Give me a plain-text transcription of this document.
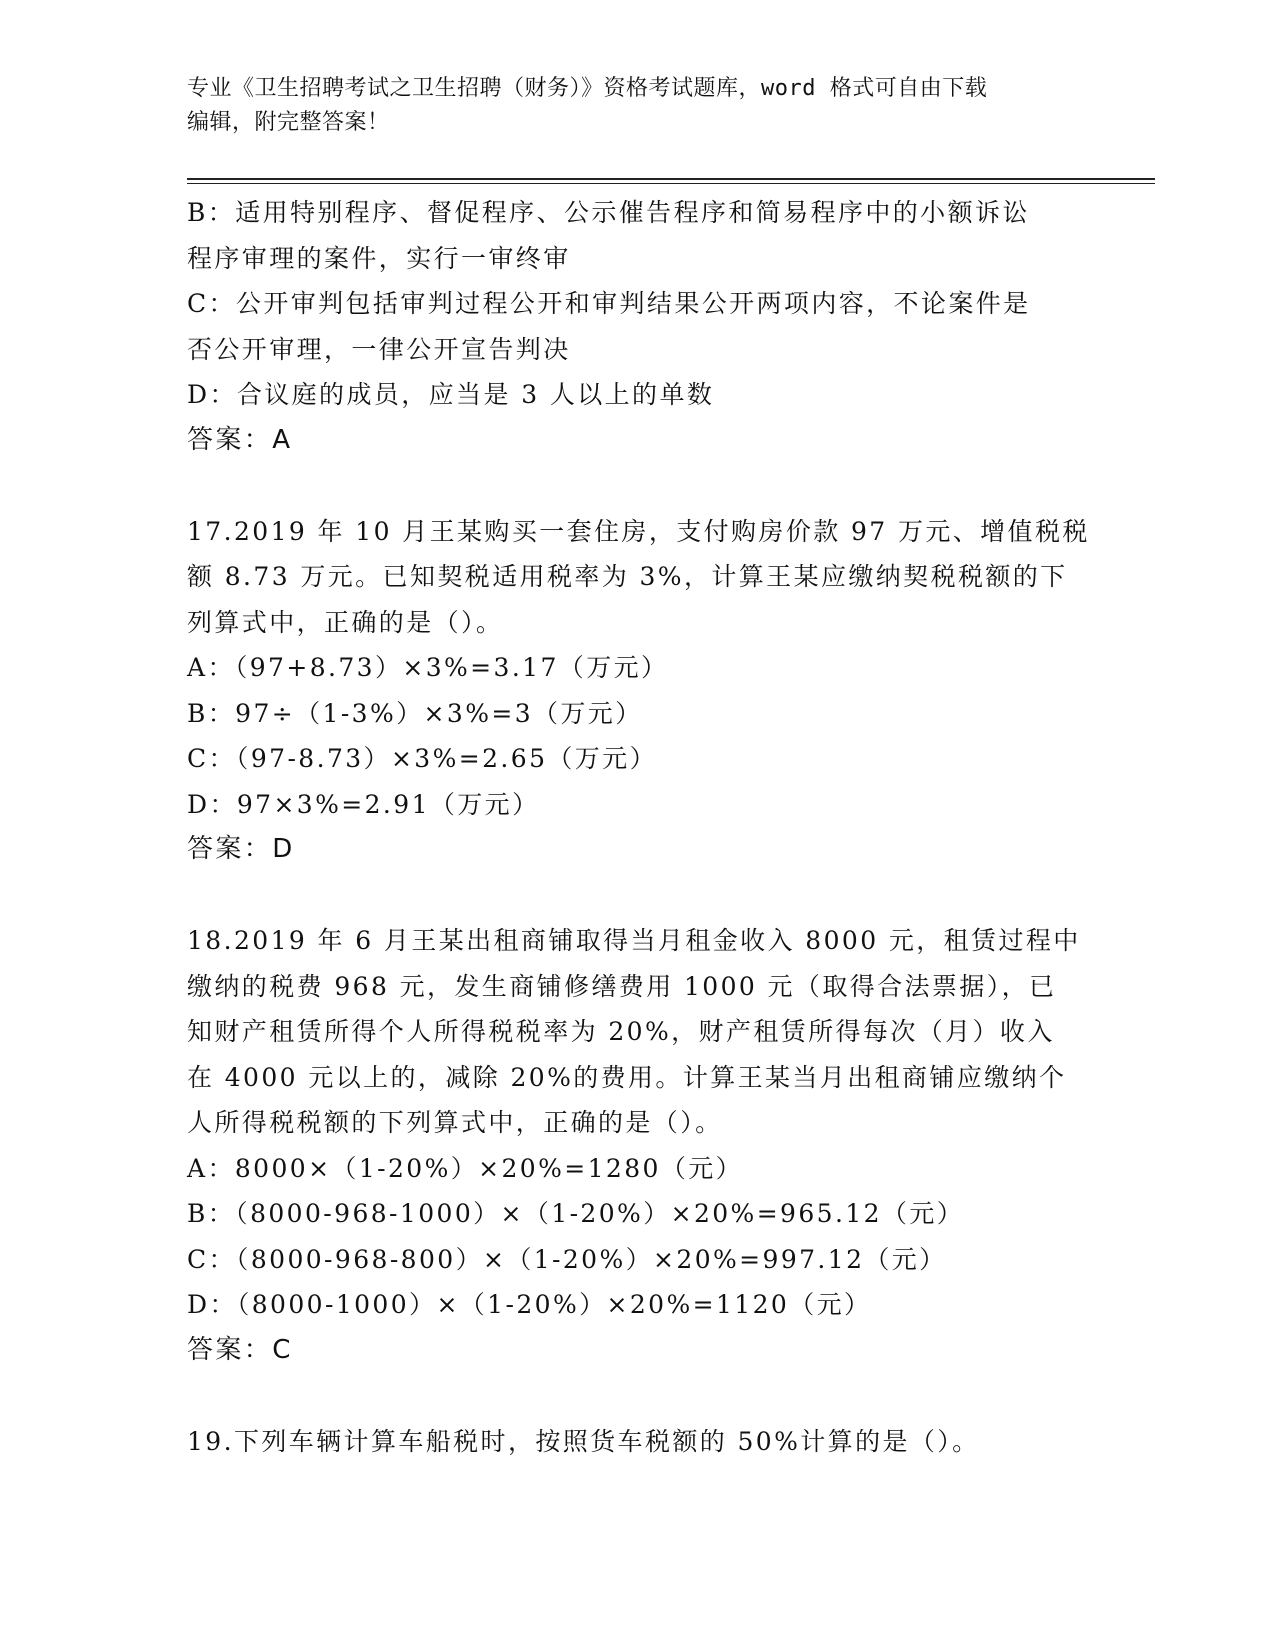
专业《卫生招聘考试之卫生招聘（财务）》资格考试题库，word 格式可自由下载
编辑，附完整答案！
B：适用特别程序、督促程序、公示催告程序和简易程序中的小额诉讼
程序审理的案件，实行一审终审
C：公开审判包括审判过程公开和审判结果公开两项内容，不论案件是
否公开审理，一律公开宣告判决
D：合议庭的成员，应当是 3 人以上的单数
答案：A
17.2019 年 10 月王某购买一套住房，支付购房价款 97 万元、增值税税
额 8.73 万元。已知契税适用税率为 3%，计算王某应缴纳契税税额的下
列算式中，正确的是（）。
A：（97+8.73）×3%=3.17（万元）
B：97÷（1-3%）×3%=3（万元）
C：（97-8.73）×3%=2.65（万元）
D：97×3%=2.91（万元）
答案：D
18.2019 年 6 月王某出租商铺取得当月租金收入 8000 元，租赁过程中
缴纳的税费 968 元，发生商铺修缮费用 1000 元（取得合法票据），已
知财产租赁所得个人所得税税率为 20%，财产租赁所得每次（月）收入
在 4000 元以上的，减除 20%的费用。计算王某当月出租商铺应缴纳个
人所得税税额的下列算式中，正确的是（）。
A：8000×（1-20%）×20%=1280（元）
B：（8000-968-1000）×（1-20%）×20%=965.12（元）
C：（8000-968-800）×（1-20%）×20%=997.12（元）
D：（8000-1000）×（1-20%）×20%=1120（元）
答案：C
19.下列车辆计算车船税时，按照货车税额的 50%计算的是（）。
